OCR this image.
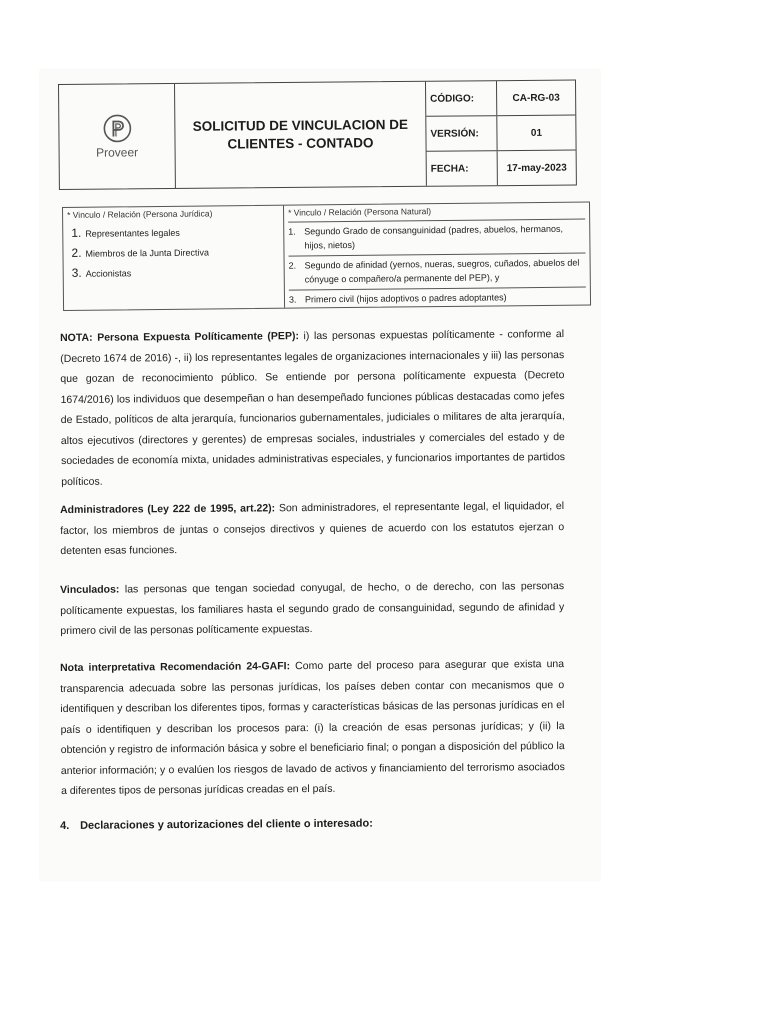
Proveer
SOLICITUD DE VINCULACION DE
CLIENTES - CONTADO
CÓDIGO:	CA-RG-03
VERSIÓN:	01
FECHA:	17-may-2023
* Vinculo / Relación (Persona Jurídica)
1. Representantes legales
2. Miembros de la Junta Directiva
3. Accionistas
* Vinculo / Relación (Persona Natural)
1. Segundo Grado de consanguinidad (padres, abuelos, hermanos, hijos, nietos)
2. Segundo de afinidad (yernos, nueras, suegros, cuñados, abuelos del cónyuge o compañero/a permanente del PEP), y
3. Primero civil (hijos adoptivos o padres adoptantes)
NOTA: Persona Expuesta Políticamente (PEP): i) las personas expuestas políticamente - conforme al (Decreto 1674 de 2016) -, ii) los representantes legales de organizaciones internacionales y iii) las personas que gozan de reconocimiento público. Se entiende por persona políticamente expuesta (Decreto 1674/2016) los individuos que desempeñan o han desempeñado funciones públicas destacadas como jefes de Estado, políticos de alta jerarquía, funcionarios gubernamentales, judiciales o militares de alta jerarquía, altos ejecutivos (directores y gerentes) de empresas sociales, industriales y comerciales del estado y de sociedades de economía mixta, unidades administrativas especiales, y funcionarios importantes de partidos políticos.
Administradores (Ley 222 de 1995, art.22): Son administradores, el representante legal, el liquidador, el factor, los miembros de juntas o consejos directivos y quienes de acuerdo con los estatutos ejerzan o detenten esas funciones.
Vinculados: las personas que tengan sociedad conyugal, de hecho, o de derecho, con las personas políticamente expuestas, los familiares hasta el segundo grado de consanguinidad, segundo de afinidad y primero civil de las personas políticamente expuestas.
Nota interpretativa Recomendación 24-GAFI: Como parte del proceso para asegurar que exista una transparencia adecuada sobre las personas jurídicas, los países deben contar con mecanismos que o identifiquen y describan los diferentes tipos, formas y características básicas de las personas jurídicas en el país o identifiquen y describan los procesos para: (i) la creación de esas personas jurídicas; y (ii) la obtención y registro de información básica y sobre el beneficiario final; o pongan a disposición del público la anterior información; y o evalúen los riesgos de lavado de activos y financiamiento del terrorismo asociados a diferentes tipos de personas jurídicas creadas en el país.
4. Declaraciones y autorizaciones del cliente o interesado:
